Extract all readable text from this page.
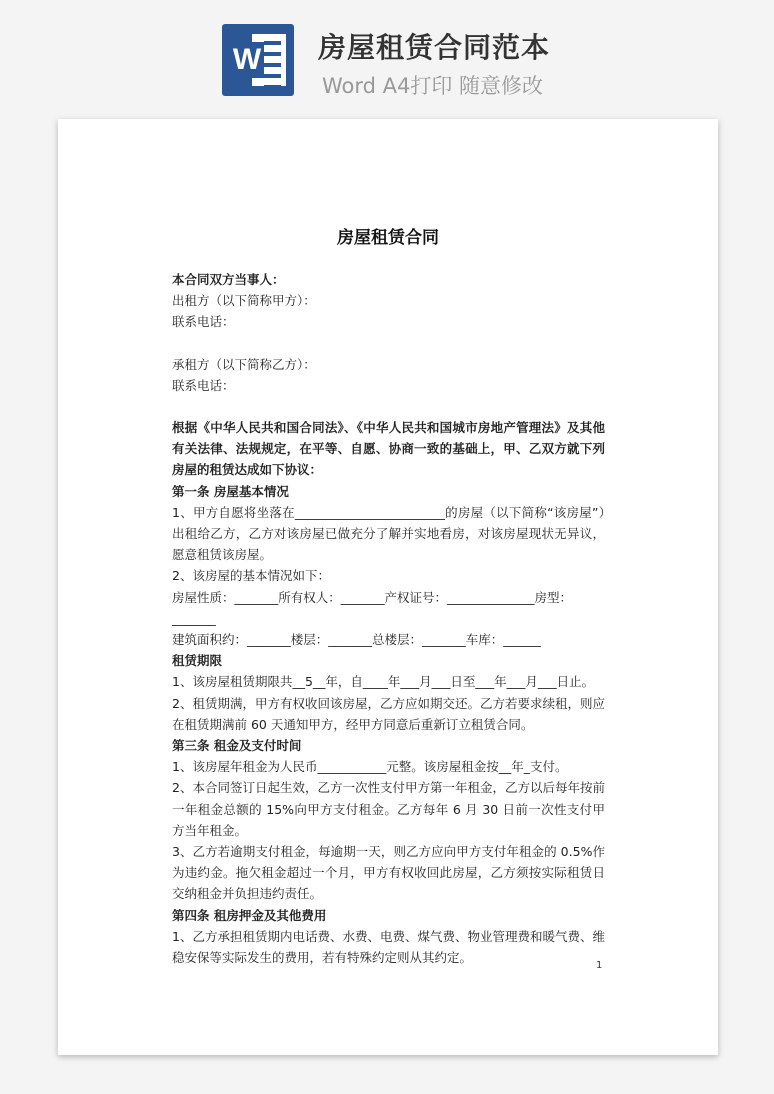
W 房屋租赁合同范本
Word A4打印 随意修改
房屋租赁合同

本合同双方当事人：

出租方（以下简称甲方）：

联系电话：

承租方（以下简称乙方）：

联系电话：

根据《中华人民共和国合同法》、《中华人民共和国城市房地产管理法》及其他有关法律、法规规定，在平等、自愿、协商一致的基础上，甲、乙双方就下列房屋的租赁达成如下协议：

第一条 房屋基本情况

1、甲方自愿将坐落在________________________的房屋（以下简称“该房屋”）出租给乙方，乙方对该房屋已做充分了解并实地看房，对该房屋现状无异议，愿意租赁该房屋。

2、该房屋的基本情况如下：

房屋性质：_______所有权人：_______产权证号：______________房型：_______

建筑面积约：_______楼层：_______总楼层：_______车库：______

租赁期限

1、该房屋租赁期限共__5__年，自____年___月___日至___年___月___日止。

2、租赁期满，甲方有权收回该房屋，乙方应如期交还。乙方若要求续租，则应在租赁期满前 60 天通知甲方，经甲方同意后重新订立租赁合同。

第三条 租金及支付时间

1、该房屋年租金为人民币___________元整。该房屋租金按__年_支付。

2、本合同签订日起生效，乙方一次性支付甲方第一年租金，乙方以后每年按前一年租金总额的 15%向甲方支付租金。乙方每年 6 月 30 日前一次性支付甲方当年租金。

3、乙方若逾期支付租金，每逾期一天，则乙方应向甲方支付年租金的 0.5%作为违约金。拖欠租金超过一个月，甲方有权收回此房屋，乙方须按实际租赁日交纳租金并负担违约责任。

第四条 租房押金及其他费用

1、乙方承担租赁期内电话费、水费、电费、煤气费、物业管理费和暖气费、维稳安保等实际发生的费用，若有特殊约定则从其约定。

1
